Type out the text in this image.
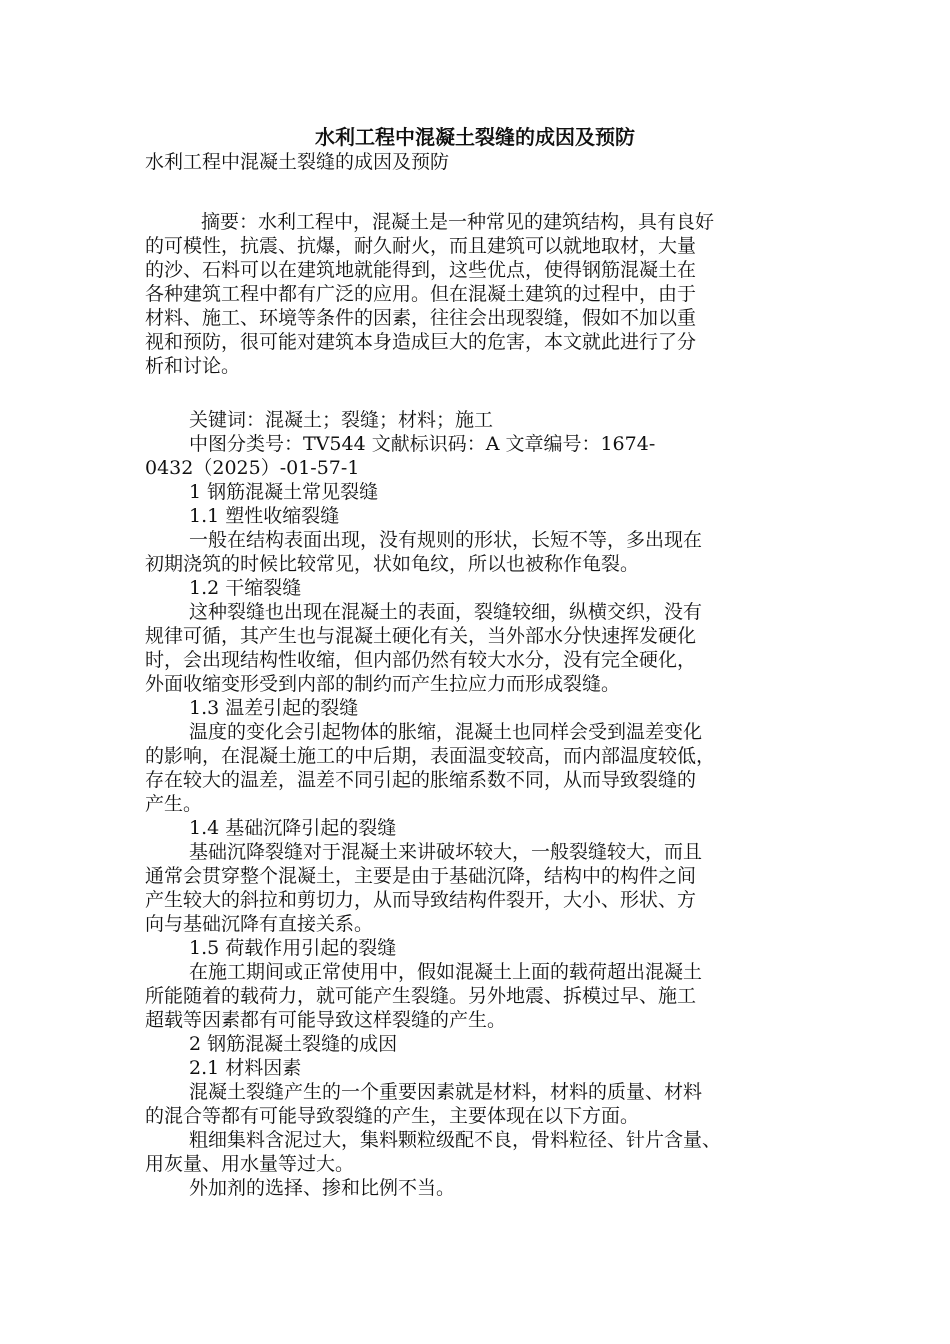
水利工程中混凝土裂缝的成因及预防
水利工程中混凝土裂缝的成因及预防
摘要：水利工程中，混凝土是一种常见的建筑结构，具有良好
的可模性，抗震、抗爆，耐久耐火，而且建筑可以就地取材，大量
的沙、石料可以在建筑地就能得到，这些优点，使得钢筋混凝土在
各种建筑工程中都有广泛的应用。但在混凝土建筑的过程中，由于
材料、施工、环境等条件的因素，往往会出现裂缝，假如不加以重
视和预防，很可能对建筑本身造成巨大的危害，本文就此进行了分
析和讨论。
关键词：混凝土；裂缝；材料；施工
中图分类号：TV544 文献标识码：A 文章编号：1674-
0432（2025）-01-57-1
1 钢筋混凝土常见裂缝
1.1 塑性收缩裂缝
一般在结构表面出现，没有规则的形状，长短不等，多出现在
初期浇筑的时候比较常见，状如龟纹，所以也被称作龟裂。
1.2 干缩裂缝
这种裂缝也出现在混凝土的表面，裂缝较细，纵横交织，没有
规律可循，其产生也与混凝土硬化有关，当外部水分快速挥发硬化
时，会出现结构性收缩，但内部仍然有较大水分，没有完全硬化，
外面收缩变形受到内部的制约而产生拉应力而形成裂缝。
1.3 温差引起的裂缝
温度的变化会引起物体的胀缩，混凝土也同样会受到温差变化
的影响，在混凝土施工的中后期，表面温变较高，而内部温度较低，
存在较大的温差，温差不同引起的胀缩系数不同，从而导致裂缝的
产生。
1.4 基础沉降引起的裂缝
基础沉降裂缝对于混凝土来讲破坏较大，一般裂缝较大，而且
通常会贯穿整个混凝土，主要是由于基础沉降，结构中的构件之间
产生较大的斜拉和剪切力，从而导致结构件裂开，大小、形状、方
向与基础沉降有直接关系。
1.5 荷载作用引起的裂缝
在施工期间或正常使用中，假如混凝土上面的载荷超出混凝土
所能随着的载荷力，就可能产生裂缝。另外地震、拆模过早、施工
超载等因素都有可能导致这样裂缝的产生。
2 钢筋混凝土裂缝的成因
2.1 材料因素
混凝土裂缝产生的一个重要因素就是材料，材料的质量、材料
的混合等都有可能导致裂缝的产生，主要体现在以下方面。
粗细集料含泥过大，集料颗粒级配不良，骨料粒径、针片含量、
用灰量、用水量等过大。
外加剂的选择、掺和比例不当。
